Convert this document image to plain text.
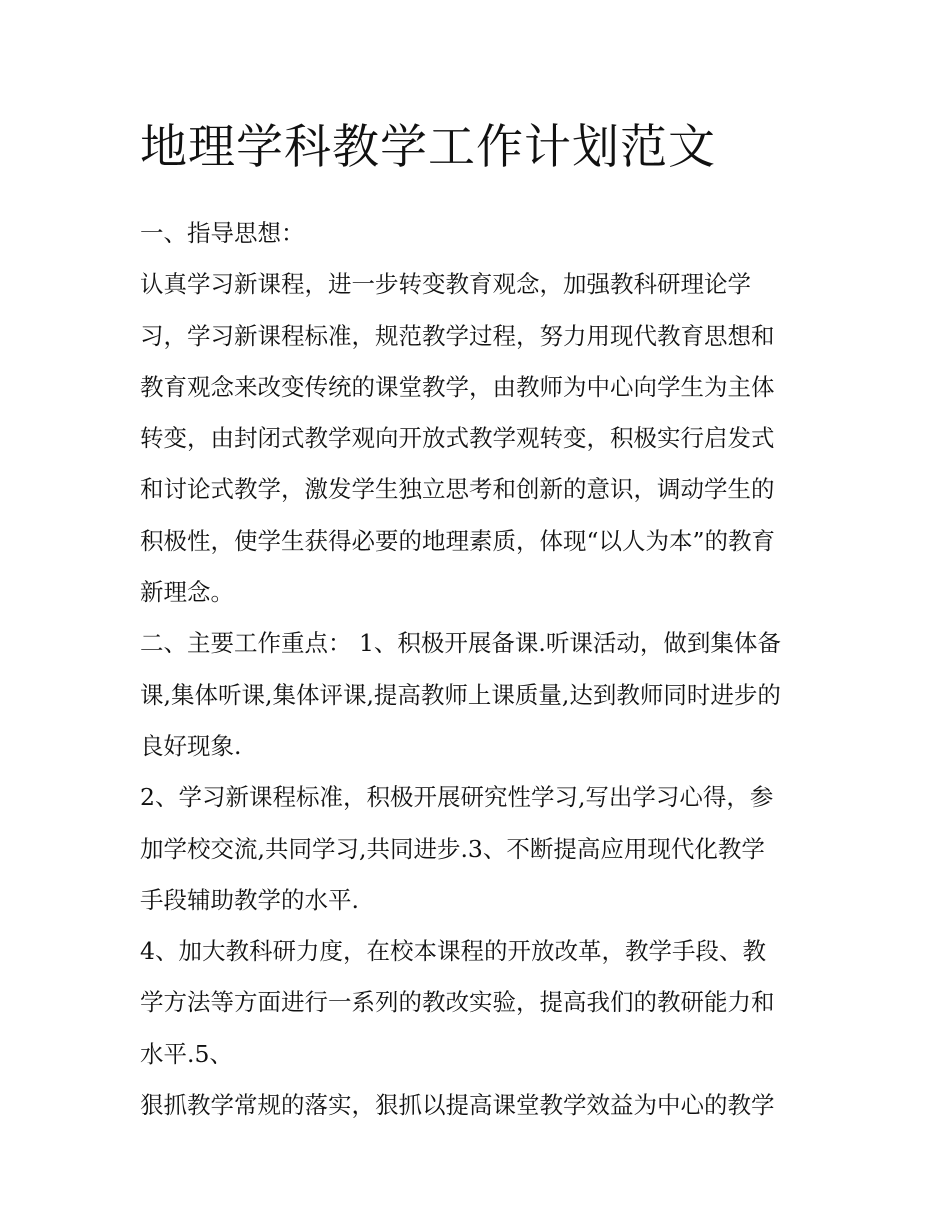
地理学科教学工作计划范文

一、指导思想：

认真学习新课程，进一步转变教育观念，加强教科研理论学
习，学习新课程标准，规范教学过程，努力用现代教育思想和
教育观念来改变传统的课堂教学，由教师为中心向学生为主体
转变，由封闭式教学观向开放式教学观转变，积极实行启发式
和讨论式教学，激发学生独立思考和创新的意识，调动学生的
积极性，使学生获得必要的地理素质，体现“以人为本”的教育
新理念。

二、主要工作重点： 1、积极开展备课.听课活动，做到集体备
课,集体听课,集体评课,提高教师上课质量,达到教师同时进步的
良好现象.

2、学习新课程标准，积极开展研究性学习,写出学习心得，参
加学校交流,共同学习,共同进步.3、不断提高应用现代化教学
手段辅助教学的水平.

4、加大教科研力度，在校本课程的开放改革，教学手段、教
学方法等方面进行一系列的教改实验，提高我们的教研能力和
水平.5、

狠抓教学常规的落实，狠抓以提高课堂教学效益为中心的教学
